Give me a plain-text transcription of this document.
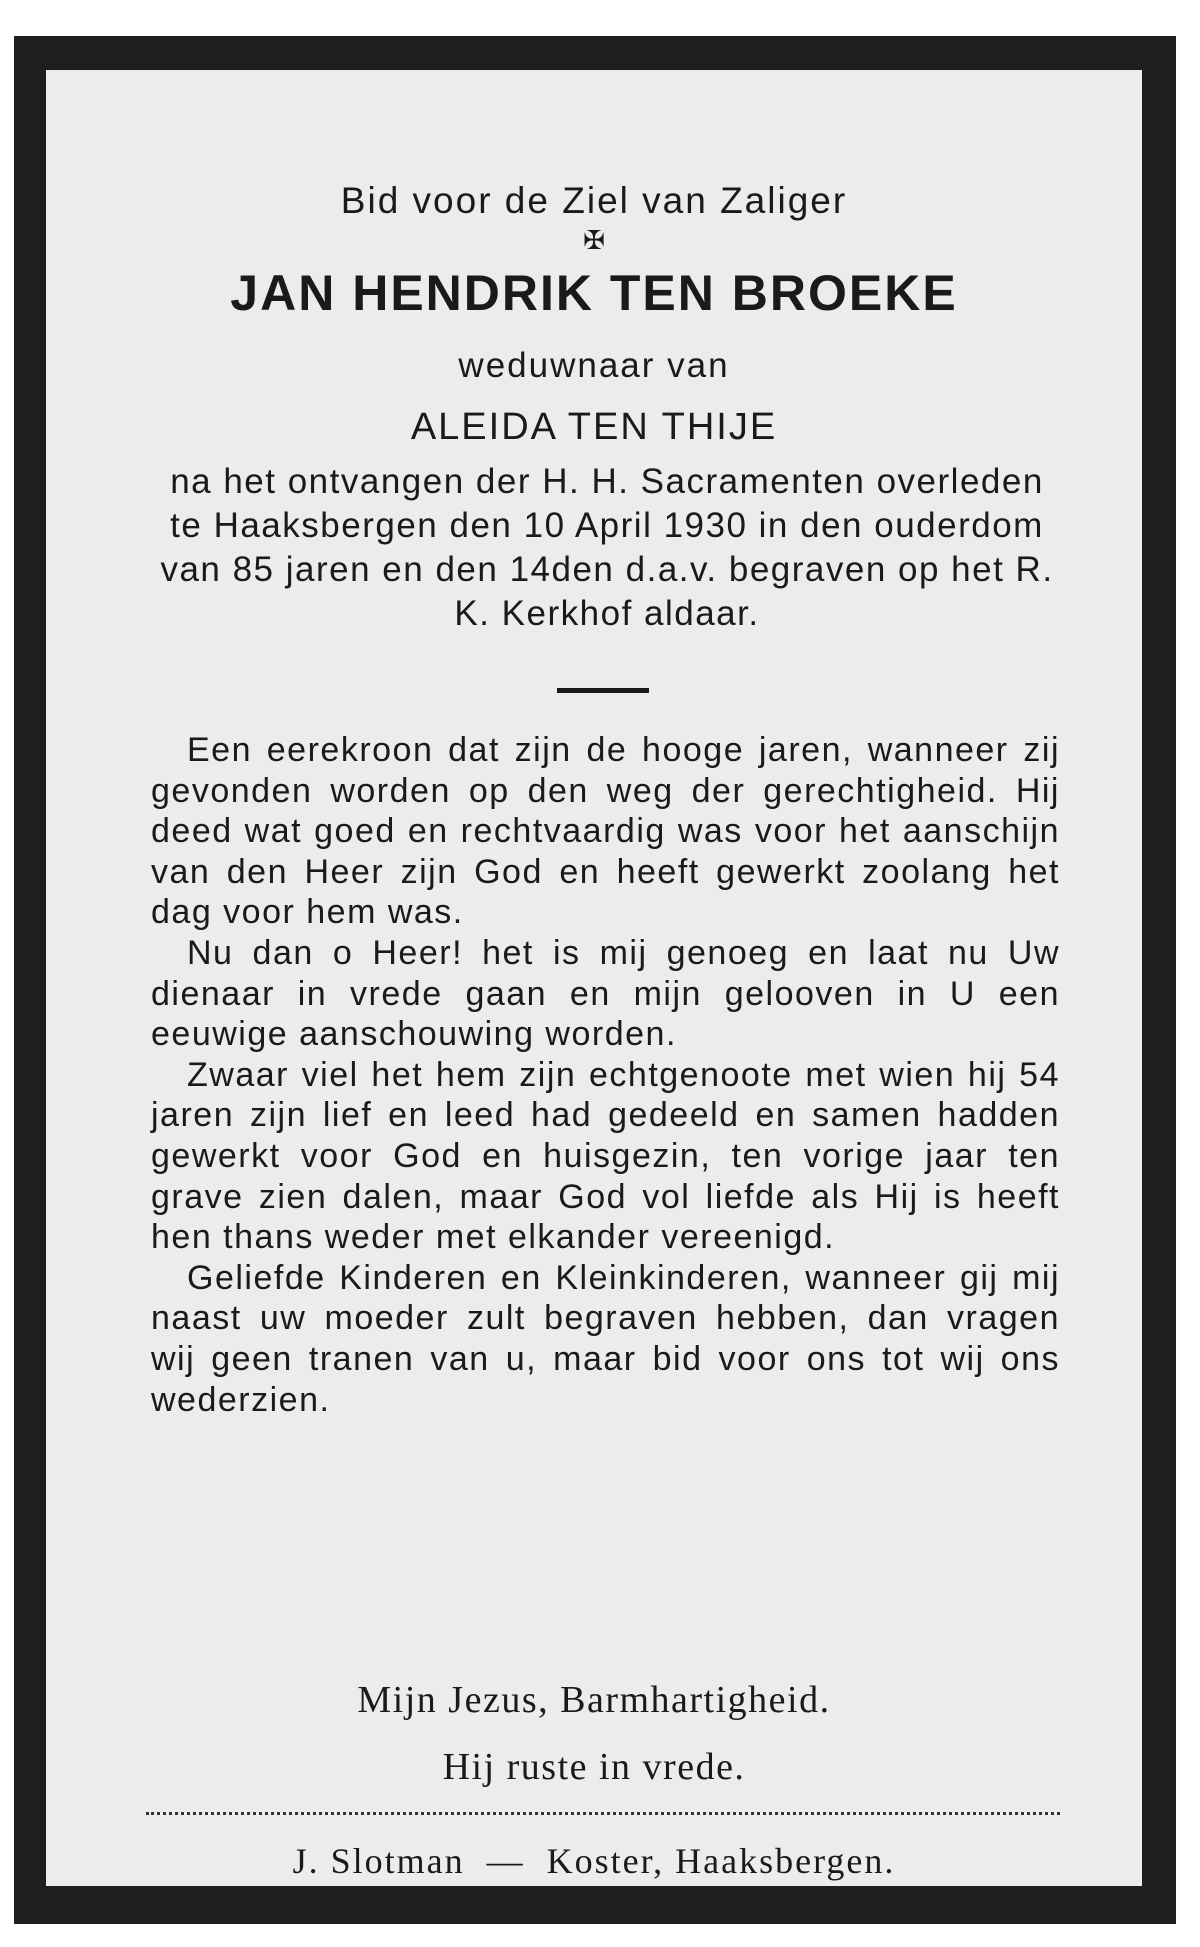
Bid voor de Ziel van Zaliger
✠
JAN HENDRIK TEN BROEKE
weduwnaar van
ALEIDA TEN THIJE
na het ontvangen der H. H. Sacramenten overleden te Haaksbergen den 10 April 1930 in den ouderdom van 85 jaren en den 14den d.a.v. begraven op het R. K. Kerkhof aldaar.

Een eerekroon dat zijn de hooge jaren, wanneer zij gevonden worden op den weg der gerechtigheid. Hij deed wat goed en rechtvaardig was voor het aanschijn van den Heer zijn God en heeft gewerkt zoolang het dag voor hem was.

Nu dan o Heer! het is mij genoeg en laat nu Uw dienaar in vrede gaan en mijn gelooven in U een eeuwige aanschouwing worden.

Zwaar viel het hem zijn echtgenoote met wien hij 54 jaren zijn lief en leed had gedeeld en samen hadden gewerkt voor God en huisgezin, ten vorige jaar ten grave zien dalen, maar God vol liefde als Hij is heeft hen thans weder met elkander vereenigd.

Geliefde Kinderen en Kleinkinderen, wanneer gij mij naast uw moeder zult begraven hebben, dan vragen wij geen tranen van u, maar bid voor ons tot wij ons wederzien.

Mijn Jezus, Barmhartigheid.
Hij ruste in vrede.
J. Slotman — Koster, Haaksbergen.
